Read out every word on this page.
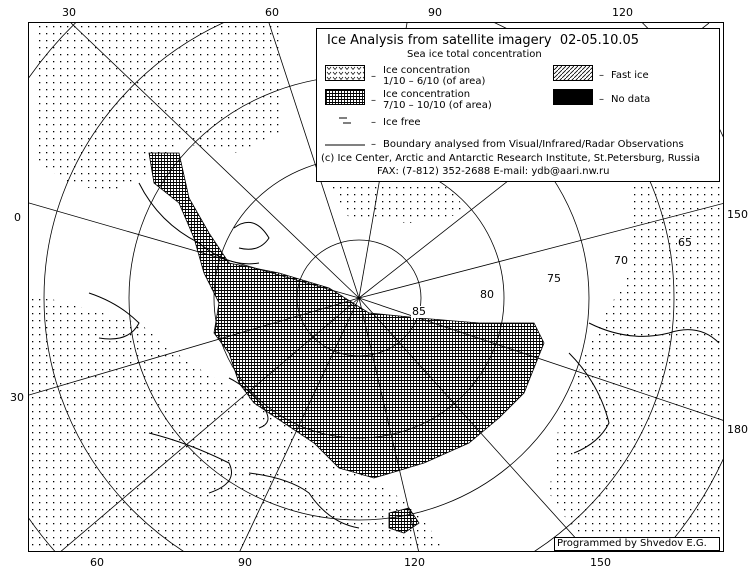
85
80
75
70
65
30	60	90	120
60	90	120	150
0
30
150
180
Ice Analysis from satellite imagery 02-05.10.05
Sea ice total concentration
–
Ice concentration
1/10 – 6/10 (of area)
–
Ice concentration
7/10 – 10/10 (of area)
– Fast ice
– No data
– Ice free
– Boundary analysed from Visual/Infrared/Radar Observations
(c) Ice Center, Arctic and Antarctic Research Institute, St.Petersburg, Russia
FAX: (7-812) 352-2688 E-mail: ydb@aari.nw.ru
Programmed by Shvedov E.G.
